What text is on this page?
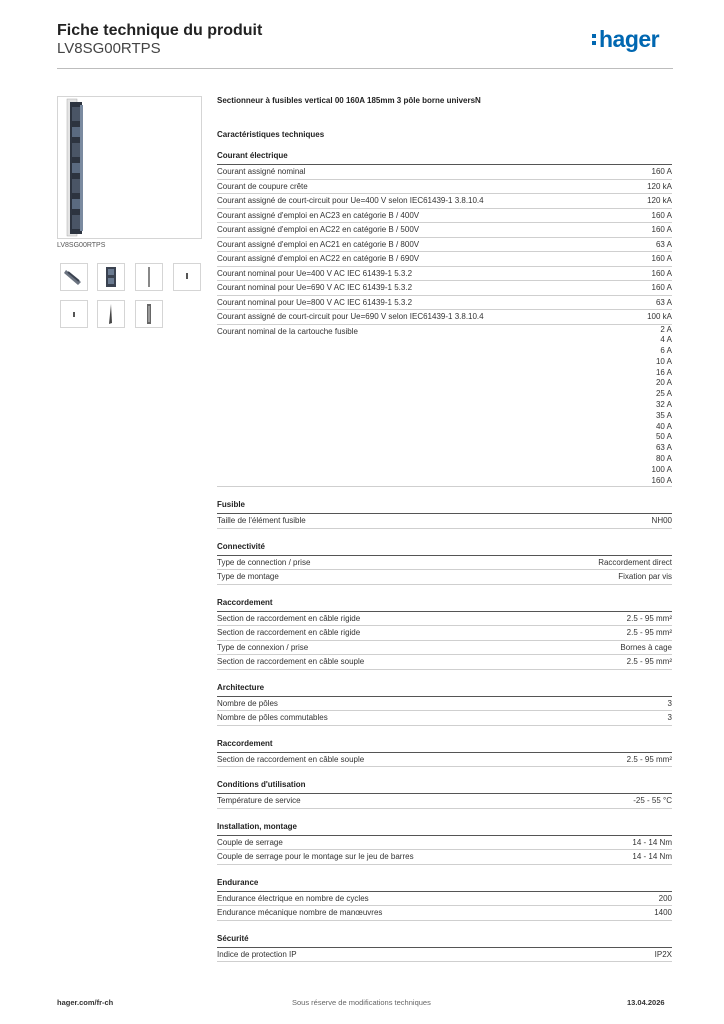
Fiche technique du produit
LV8SG00RTPS	hager
LV8SG00RTPS
Sectionneur à fusibles vertical 00 160A 185mm 3 pôle borne universN
Caractéristiques techniques
Courant électrique
Courant assigné nominal	160 A
Courant de coupure crête	120 kA
Courant assigné de court-circuit pour Ue=400 V selon IEC61439-1 3.8.10.4	120 kA
Courant assigné d'emploi en AC23 en catégorie B / 400V	160 A
Courant assigné d'emploi en AC22 en catégorie B / 500V	160 A
Courant assigné d'emploi en AC21 en catégorie B / 800V	63 A
Courant assigné d'emploi en AC22 en catégorie B / 690V	160 A
Courant nominal pour Ue=400 V AC IEC 61439-1 5.3.2	160 A
Courant nominal pour Ue=690 V AC IEC 61439-1 5.3.2	160 A
Courant nominal pour Ue=800 V AC IEC 61439-1 5.3.2	63 A
Courant assigné de court-circuit pour Ue=690 V selon IEC61439-1 3.8.10.4	100 kA
Courant nominal de la cartouche fusible	2 A
4 A
6 A
10 A
16 A
20 A
25 A
32 A
35 A
40 A
50 A
63 A
80 A
100 A
160 A
Fusible
Taille de l'élément fusible	NH00
Connectivité
Type de connection / prise	Raccordement direct
Type de montage	Fixation par vis
Raccordement
Section de raccordement en câble rigide	2.5 - 95 mm²
Section de raccordement en câble rigide	2.5 - 95 mm²
Type de connexion / prise	Bornes à cage
Section de raccordement en câble souple	2.5 - 95 mm²
Architecture
Nombre de pôles	3
Nombre de pôles commutables	3
Raccordement
Section de raccordement en câble souple	2.5 - 95 mm²
Conditions d'utilisation
Température de service	-25 - 55 °C
Installation, montage
Couple de serrage	14 - 14 Nm
Couple de serrage pour le montage sur le jeu de barres	14 - 14 Nm
Endurance
Endurance électrique en nombre de cycles	200
Endurance mécanique nombre de manœuvres	1400
Sécurité
Indice de protection IP	IP2X
hager.com/fr-ch	Sous réserve de modifications techniques	13.04.2026
